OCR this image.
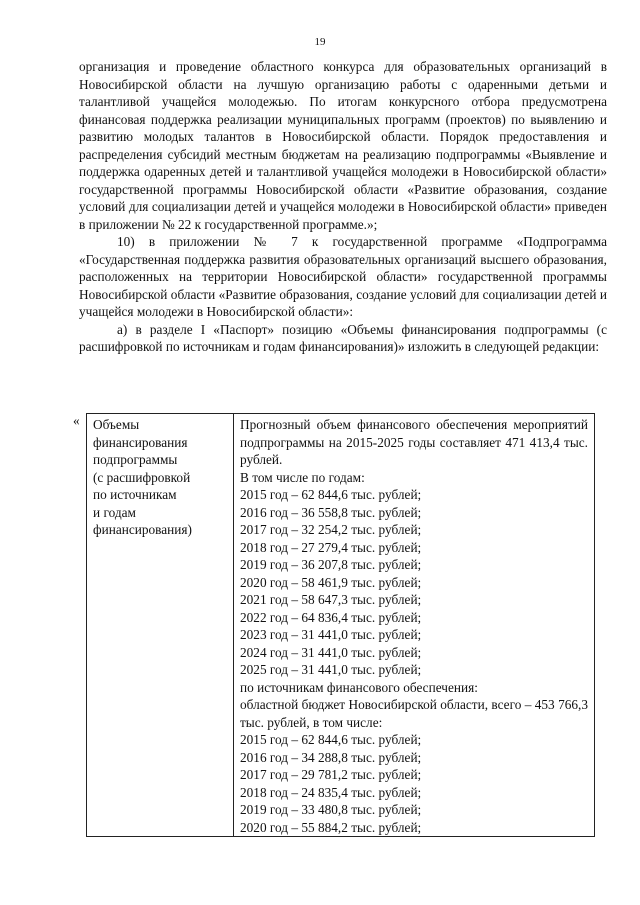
19

организация и проведение областного конкурса для образовательных организаций в Новосибирской области на лучшую организацию работы с одаренными детьми и талантливой учащейся молодежью. По итогам конкурсного отбора предусмотрена финансовая поддержка реализации муниципальных программ (проектов) по выявлению и развитию молодых талантов в Новосибирской области. Порядок предоставления и распределения субсидий местным бюджетам на реализацию подпрограммы «Выявление и поддержка одаренных детей и талантливой учащейся молодежи в Новосибирской области» государственной программы Новосибирской области «Развитие образования, создание условий для социализации детей и учащейся молодежи в Новосибирской области» приведен в приложении № 22 к государственной программе.»;

10) в приложении № 7 к государственной программе «Подпрограмма «Государственная поддержка развития образовательных организаций высшего образования, расположенных на территории Новосибирской области» государственной программы Новосибирской области «Развитие образования, создание условий для социализации детей и учащейся молодежи в Новосибирской области»:

а) в разделе I «Паспорт» позицию «Объемы финансирования подпрограммы (с расшифровкой по источникам и годам финансирования)» изложить в следующей редакции:

« Объемы
финансирования
подпрограммы
(с расшифровкой
по источникам
и годам
финансирования)

Прогнозный объем финансового обеспечения мероприятий подпрограммы на 2015-2025 годы составляет 471 413,4 тыс. рублей.
В том числе по годам:
2015 год – 62 844,6 тыс. рублей;
2016 год – 36 558,8 тыс. рублей;
2017 год – 32 254,2 тыс. рублей;
2018 год – 27 279,4 тыс. рублей;
2019 год – 36 207,8 тыс. рублей;
2020 год – 58 461,9 тыс. рублей;
2021 год – 58 647,3 тыс. рублей;
2022 год – 64 836,4 тыс. рублей;
2023 год – 31 441,0 тыс. рублей;
2024 год – 31 441,0 тыс. рублей;
2025 год – 31 441,0 тыс. рублей;
по источникам финансового обеспечения:
областной бюджет Новосибирской области, всего – 453 766,3 тыс. рублей, в том числе:
2015 год – 62 844,6 тыс. рублей;
2016 год – 34 288,8 тыс. рублей;
2017 год – 29 781,2 тыс. рублей;
2018 год – 24 835,4 тыс. рублей;
2019 год – 33 480,8 тыс. рублей;
2020 год – 55 884,2 тыс. рублей;
